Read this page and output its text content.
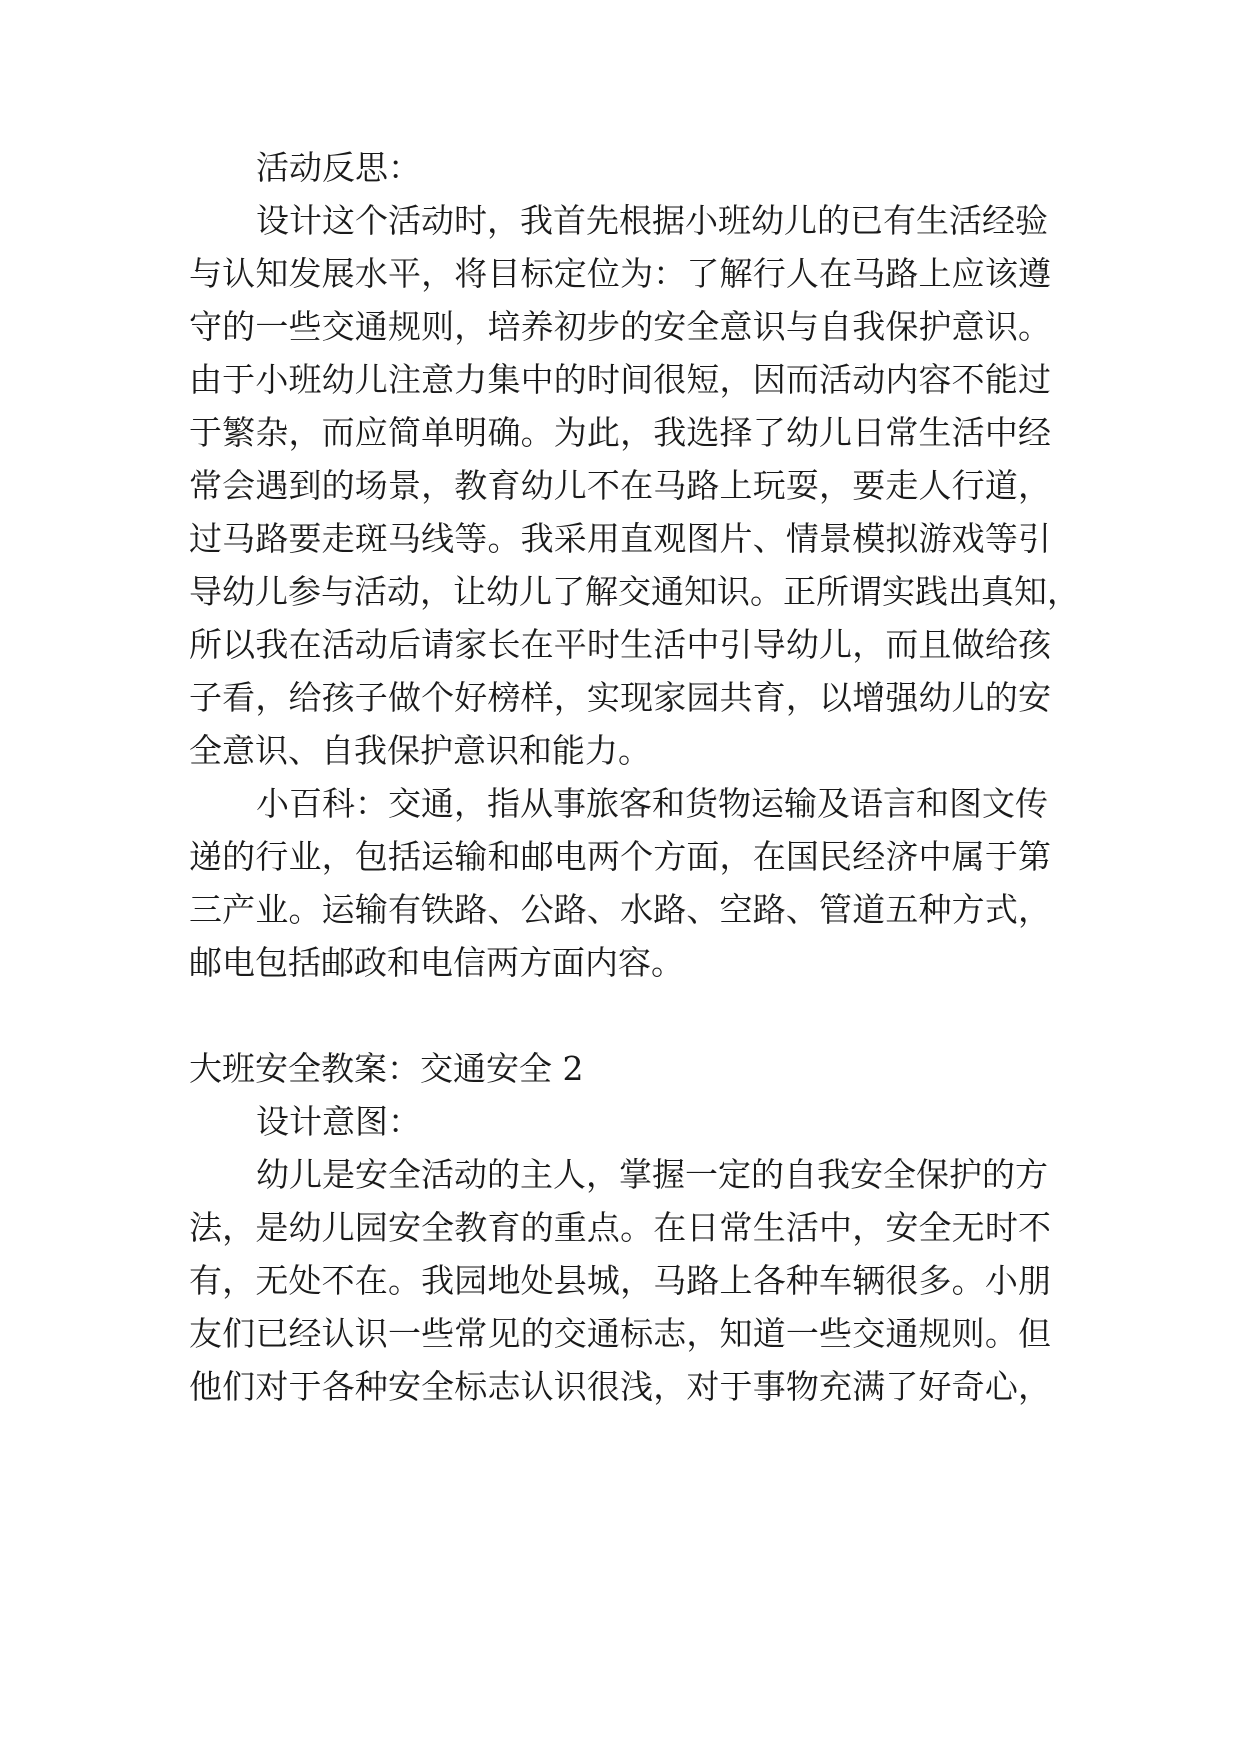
活动反思：
设计这个活动时，我首先根据小班幼儿的已有生活经验
与认知发展水平，将目标定位为：了解行人在马路上应该遵
守的一些交通规则，培养初步的安全意识与自我保护意识。
由于小班幼儿注意力集中的时间很短，因而活动内容不能过
于繁杂，而应简单明确。为此，我选择了幼儿日常生活中经
常会遇到的场景，教育幼儿不在马路上玩耍，要走人行道，
过马路要走斑马线等。我采用直观图片、情景模拟游戏等引
导幼儿参与活动，让幼儿了解交通知识。正所谓实践出真知，
所以我在活动后请家长在平时生活中引导幼儿，而且做给孩
子看，给孩子做个好榜样，实现家园共育，以增强幼儿的安
全意识、自我保护意识和能力。
小百科：交通，指从事旅客和货物运输及语言和图文传
递的行业，包括运输和邮电两个方面，在国民经济中属于第
三产业。运输有铁路、公路、水路、空路、管道五种方式，
邮电包括邮政和电信两方面内容。
大班安全教案：交通安全 2
设计意图：
幼儿是安全活动的主人，掌握一定的自我安全保护的方
法，是幼儿园安全教育的重点。在日常生活中，安全无时不
有，无处不在。我园地处县城，马路上各种车辆很多。小朋
友们已经认识一些常见的交通标志，知道一些交通规则。但
他们对于各种安全标志认识很浅，对于事物充满了好奇心，
